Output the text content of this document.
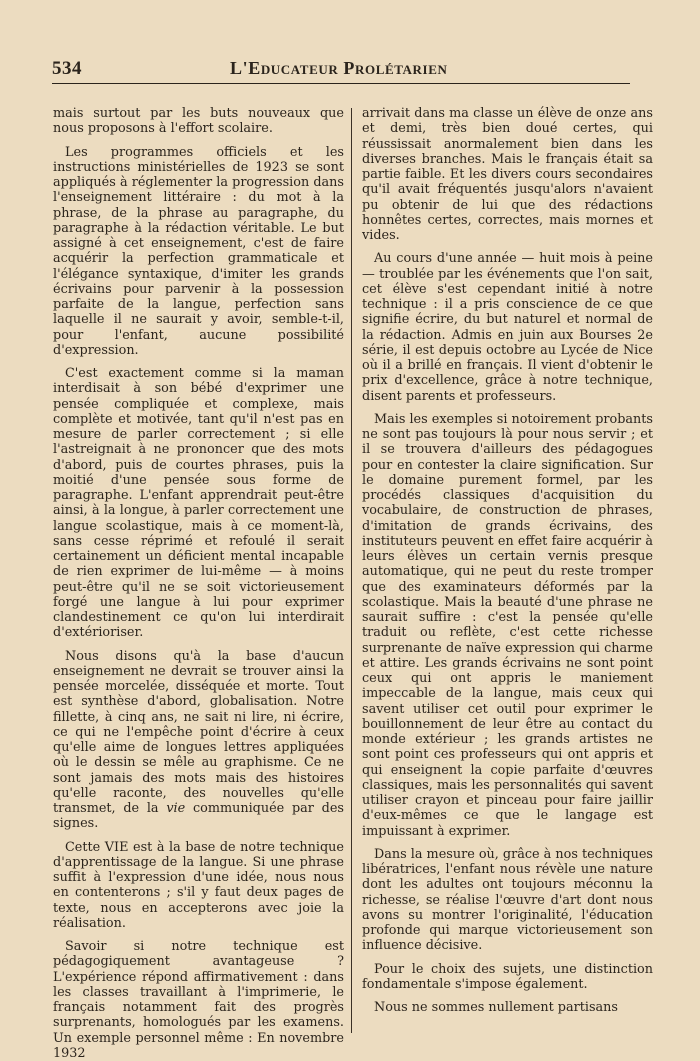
534	L'Educateur Prolétarien

mais surtout par les buts nouveaux que nous proposons à l'effort scolaire.

Les programmes officiels et les instructions ministérielles de 1923 se sont appliqués à réglementer la progression dans l'enseignement littéraire : du mot à la phrase, de la phrase au paragraphe, du paragraphe à la rédaction véritable. Le but assigné à cet enseignement, c'est de faire acquérir la perfection grammaticale et l'élégance syntaxique, d'imiter les grands écrivains pour parvenir à la possession parfaite de la langue, perfection sans laquelle il ne saurait y avoir, semble-t-il, pour l'enfant, aucune possibilité d'expression.

C'est exactement comme si la maman interdisait à son bébé d'exprimer une pensée compliquée et complexe, mais complète et motivée, tant qu'il n'est pas en mesure de parler correctement ; si elle l'astreignait à ne prononcer que des mots d'abord, puis de courtes phrases, puis la moitié d'une pensée sous forme de paragraphe. L'enfant apprendrait peut-être ainsi, à la longue, à parler correctement une langue scolastique, mais à ce moment-là, sans cesse réprimé et refoulé il serait certainement un déficient mental incapable de rien exprimer de lui-même — à moins peut-être qu'il ne se soit victorieusement forgé une langue à lui pour exprimer clandestinement ce qu'on lui interdirait d'extérioriser.

Nous disons qu'à la base d'aucun enseignement ne devrait se trouver ainsi la pensée morcelée, disséquée et morte. Tout est synthèse d'abord, globalisation. Notre fillette, à cinq ans, ne sait ni lire, ni écrire, ce qui ne l'empêche point d'écrire à ceux qu'elle aime de longues lettres appliquées où le dessin se mêle au graphisme. Ce ne sont jamais des mots mais des histoires qu'elle raconte, des nouvelles qu'elle transmet, de la vie communiquée par des signes.

Cette VIE est à la base de notre technique d'apprentissage de la langue. Si une phrase suffit à l'expression d'une idée, nous nous en contenterons ; s'il y faut deux pages de texte, nous en accepterons avec joie la réalisation.

Savoir si notre technique est pédagogiquement avantageuse ? L'expérience répond affirmativement : dans les classes travaillant à l'imprimerie, le français notamment fait des progrès surprenants, homologués par les examens. Un exemple personnel même : En novembre 1932

arrivait dans ma classe un élève de onze ans et demi, très bien doué certes, qui réussissait anormalement bien dans les diverses branches. Mais le français était sa partie faible. Et les divers cours secondaires qu'il avait fréquentés jusqu'alors n'avaient pu obtenir de lui que des rédactions honnêtes certes, correctes, mais mornes et vides.

Au cours d'une année — huit mois à peine — troublée par les événements que l'on sait, cet élève s'est cependant initié à notre technique : il a pris conscience de ce que signifie écrire, du but naturel et normal de la rédaction. Admis en juin aux Bourses 2e série, il est depuis octobre au Lycée de Nice où il a brillé en français. Il vient d'obtenir le prix d'excellence, grâce à notre technique, disent parents et professeurs.

Mais les exemples si notoirement probants ne sont pas toujours là pour nous servir ; et il se trouvera d'ailleurs des pédagogues pour en contester la claire signification. Sur le domaine purement formel, par les procédés classiques d'acquisition du vocabulaire, de construction de phrases, d'imitation de grands écrivains, des instituteurs peuvent en effet faire acquérir à leurs élèves un certain vernis presque automatique, qui ne peut du reste tromper que des examinateurs déformés par la scolastique. Mais la beauté d'une phrase ne saurait suffire : c'est la pensée qu'elle traduit ou reflète, c'est cette richesse surprenante de naïve expression qui charme et attire. Les grands écrivains ne sont point ceux qui ont appris le maniement impeccable de la langue, mais ceux qui savent utiliser cet outil pour exprimer le bouillonnement de leur être au contact du monde extérieur ; les grands artistes ne sont point ces professeurs qui ont appris et qui enseignent la copie parfaite d'œuvres classiques, mais les personnalités qui savent utiliser crayon et pinceau pour faire jaillir d'eux-mêmes ce que le langage est impuissant à exprimer.

Dans la mesure où, grâce à nos techniques libératrices, l'enfant nous révèle une nature dont les adultes ont toujours méconnu la richesse, se réalise l'œuvre d'art dont nous avons su montrer l'originalité, l'éducation profonde qui marque victorieusement son influence décisive.

Pour le choix des sujets, une distinction fondamentale s'impose également.

Nous ne sommes nullement partisans
